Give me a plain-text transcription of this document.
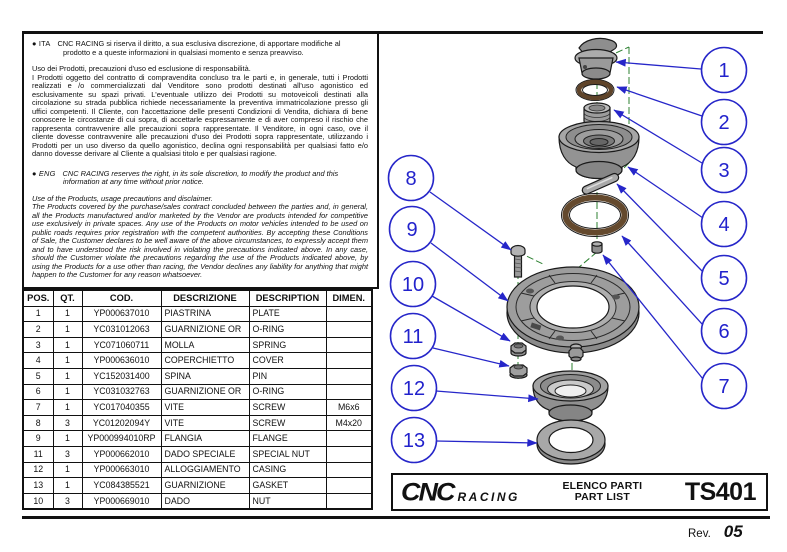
● ITA CNC RACING si riserva il diritto, a sua esclusiva discrezione, di apportare modifiche al prodotto e a queste informazioni in qualsiasi momento e senza preavviso.

Uso dei Prodotti, precauzioni d'uso ed esclusione di responsabilità.

I Prodotti oggetto del contratto di compravendita concluso tra le parti e, in generale, tutti i Prodotti realizzati e /o commercializzati dal Venditore sono prodotti destinati all'uso agonistico ed esclusivamente su spazi privati. L'eventuale utilizzo dei Prodotti su motoveicoli destinati alla circolazione su strada pubblica richiede necessariamente la preventiva immatricolazione presso gli uffici competenti. Il Cliente, con l'accettazione delle presenti Condizioni di Vendita, dichiara di bene conoscere le circostanze di cui sopra, di accettarle espressamente e di aver compreso il rischio che rappresenta contravvenire alle precauzioni sopra rappresentate. Il Venditore, in ogni caso, ove il cliente dovesse contravvenire alle precauzioni d'uso dei Prodotti sopra rappresentate, utilizzando i Prodotti per un uso diverso da quello agonistico, declina ogni responsabilità per qualsiasi fatto e/o danno dovesse derivare al Cliente a qualsiasi titolo e per qualsiasi ragione.

● ENG CNC RACING reserves the right, in its sole discretion, to modify the product and this information at any time without prior notice.

Use of the Products, usage precautions and disclaimer.

The Products covered by the purchase/sales contract concluded between the parties and, in general, all the Products manufactured and/or marketed by the Vendor are products intended for competitive use exclusively in private spaces. Any use of the Products on motor vehicles intended to be used on public roads requires prior registration with the competent authorities. By accepting these Conditions of Sale, the Customer declares to be well aware of the above circumstances, to expressly accept them and to have understood the risk involved in violating the precautions indicated above. In any case, should the Customer violate the precautions regarding the use of the Products indicated above, by using the Products for a use other than racing, the Vendor declines any liability for anything that might happen to the Customer for any reason whatsoever.

POS.	QT.	COD.	DESCRIZIONE	DESCRIPTION	DIMEN.
1	1	YP000637010	PIASTRINA	PLATE	
2	1	YC031012063	GUARNIZIONE OR	O-RING	
3	1	YC071060711	MOLLA	SPRING	
4	1	YP000636010	COPERCHIETTO	COVER	
5	1	YC152031400	SPINA	PIN	
6	1	YC031032763	GUARNIZIONE OR	O-RING	
7	1	YC017040355	VITE	SCREW	M6x6
8	3	YC01202094Y	VITE	SCREW	M4x20
9	1	YP000994010RP	FLANGIA	FLANGE	
11	3	YP000662010	DADO SPECIALE	SPECIAL NUT	
12	1	YP000663010	ALLOGGIAMENTO	CASING	
13	1	YC084385521	GUARNIZIONE	GASKET	
10	3	YP000669010	DADO	NUT	
1
2
3
4
5
6
7
8
9
10
11
12
13
CNC RACING
ELENCO PARTI
PART LIST	TS401
Rev. 05
